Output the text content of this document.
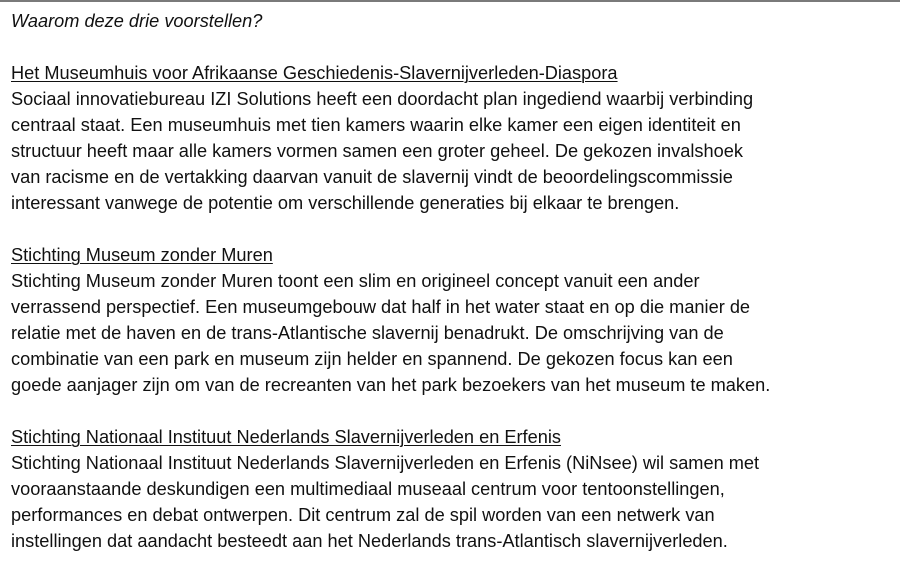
Waarom deze drie voorstellen?

Het Museumhuis voor Afrikaanse Geschiedenis-Slavernijverleden-Diaspora
Sociaal innovatiebureau IZI Solutions heeft een doordacht plan ingediend waarbij verbinding
centraal staat. Een museumhuis met tien kamers waarin elke kamer een eigen identiteit en
structuur heeft maar alle kamers vormen samen een groter geheel. De gekozen invalshoek
van racisme en de vertakking daarvan vanuit de slavernij vindt de beoordelingscommissie
interessant vanwege de potentie om verschillende generaties bij elkaar te brengen.
Stichting Museum zonder Muren
Stichting Museum zonder Muren toont een slim en origineel concept vanuit een ander
verrassend perspectief. Een museumgebouw dat half in het water staat en op die manier de
relatie met de haven en de trans-Atlantische slavernij benadrukt. De omschrijving van de
combinatie van een park en museum zijn helder en spannend. De gekozen focus kan een
goede aanjager zijn om van de recreanten van het park bezoekers van het museum te maken.
Stichting Nationaal Instituut Nederlands Slavernijverleden en Erfenis
Stichting Nationaal Instituut Nederlands Slavernijverleden en Erfenis (NiNsee) wil samen met
vooraanstaande deskundigen een multimediaal museaal centrum voor tentoonstellingen,
performances en debat ontwerpen. Dit centrum zal de spil worden van een netwerk van
instellingen dat aandacht besteedt aan het Nederlands trans-Atlantisch slavernijverleden.
